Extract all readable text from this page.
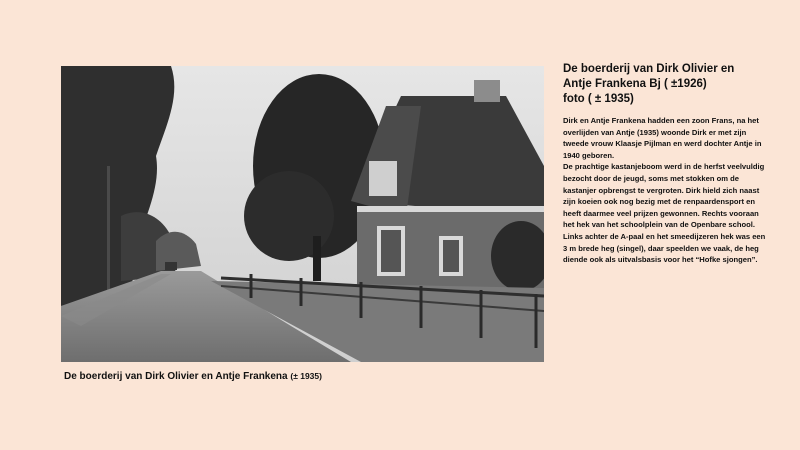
De boerderij van Dirk Olivier en Antje Frankena (± 1935)
De boerderij van Dirk Olivier en
Antje Frankena Bj ( ±1926)
foto ( ± 1935)

Dirk en Antje Frankena hadden een zoon Frans, na het overlijden van Antje (1935) woonde Dirk er met zijn tweede vrouw Klaasje Pijlman en werd dochter Antje in 1940 geboren.

De prachtige kastanjeboom werd in de herfst veelvuldig bezocht door de jeugd, soms met stokken om de kastanjer opbrengst te vergroten. Dirk hield zich naast zijn koeien ook nog bezig met de renpaardensport en heeft daarmee veel prijzen gewonnen. Rechts vooraan het hek van het schoolplein van de Openbare school.

Links achter de A-paal en het smeedijzeren hek was een 3 m brede heg (singel), daar speelden we vaak, de heg diende ook als uitvalsbasis voor het “Hofke sjongen”.
